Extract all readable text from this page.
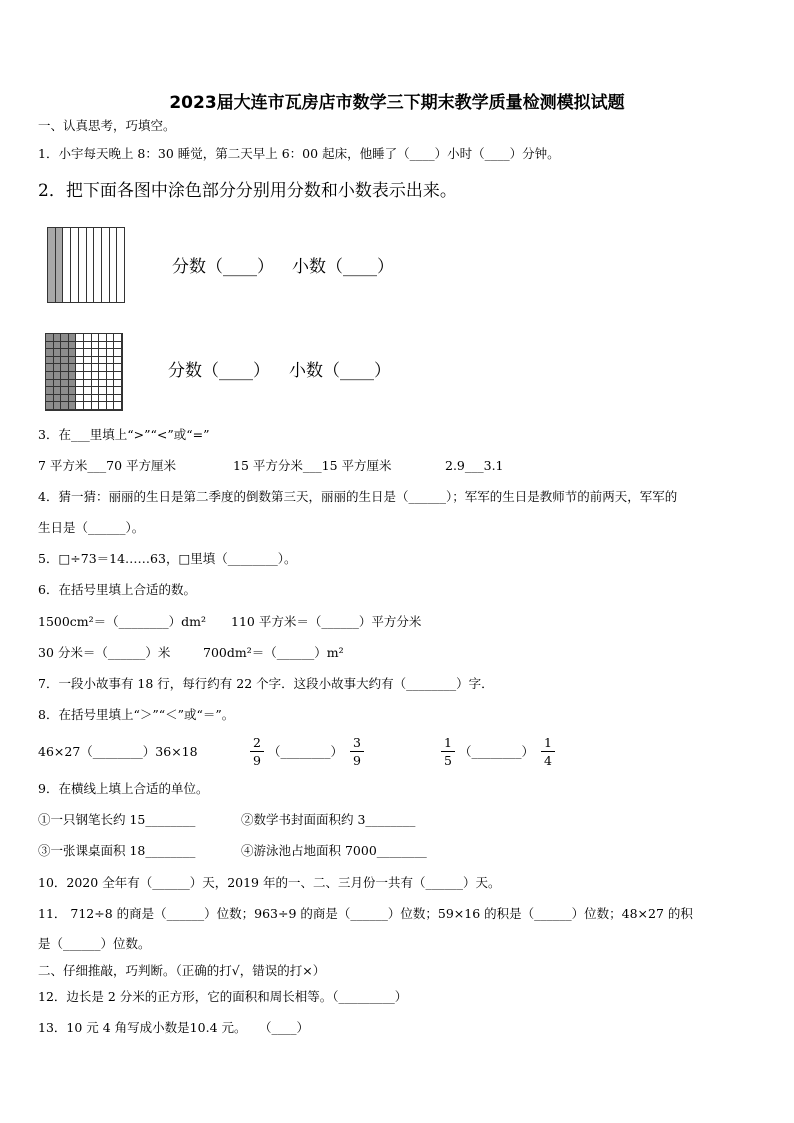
2023届大连市瓦房店市数学三下期末教学质量检测模拟试题
一、认真思考，巧填空。
1．小宇每天晚上 8：30 睡觉，第二天早上 6：00 起床，他睡了（____）小时（____）分钟。
2．把下面各图中涂色部分分别用分数和小数表示出来。
分数（____） 小数（____）
分数（____） 小数（____）
3．在___里填上“>”“<”或“=”
7 平方米___70 平方厘米	15 平方分米___15 平方厘米	2.9___3.1
4．猜一猜：丽丽的生日是第二季度的倒数第三天，丽丽的生日是（______）；军军的生日是教师节的前两天，军军的
生日是（______）。
5．□÷73＝14……63，□里填（________）。
6．在括号里填上合适的数。
1500cm²＝（________）dm² 110 平方米＝（______）平方分米
30 分米＝（______）米	700dm²＝（______）m²
7．一段小故事有 18 行，每行约有 22 个字．这段小故事大约有（________）字．
8．在括号里填上“＞”“＜”或“＝”。
46×27（________）36×18
2
9
（________）
3
9
1
5
（________）
1
4
9．在横线上填上合适的单位。
①一只钢笔长约 15________	②数学书封面面积约 3________
③一张课桌面积 18________	④游泳池占地面积 7000________
10．2020 全年有（______）天，2019 年的一、二、三月份一共有（______）天。
11． 712÷8 的商是（______）位数；963÷9 的商是（______）位数；59×16 的积是（______）位数；48×27 的积
是（______）位数。
二、仔细推敲，巧判断。（正确的打√，错误的打×）
12．边长是 2 分米的正方形，它的面积和周长相等。（_________）
13．10 元 4 角写成小数是10.4 元。　　（____）
